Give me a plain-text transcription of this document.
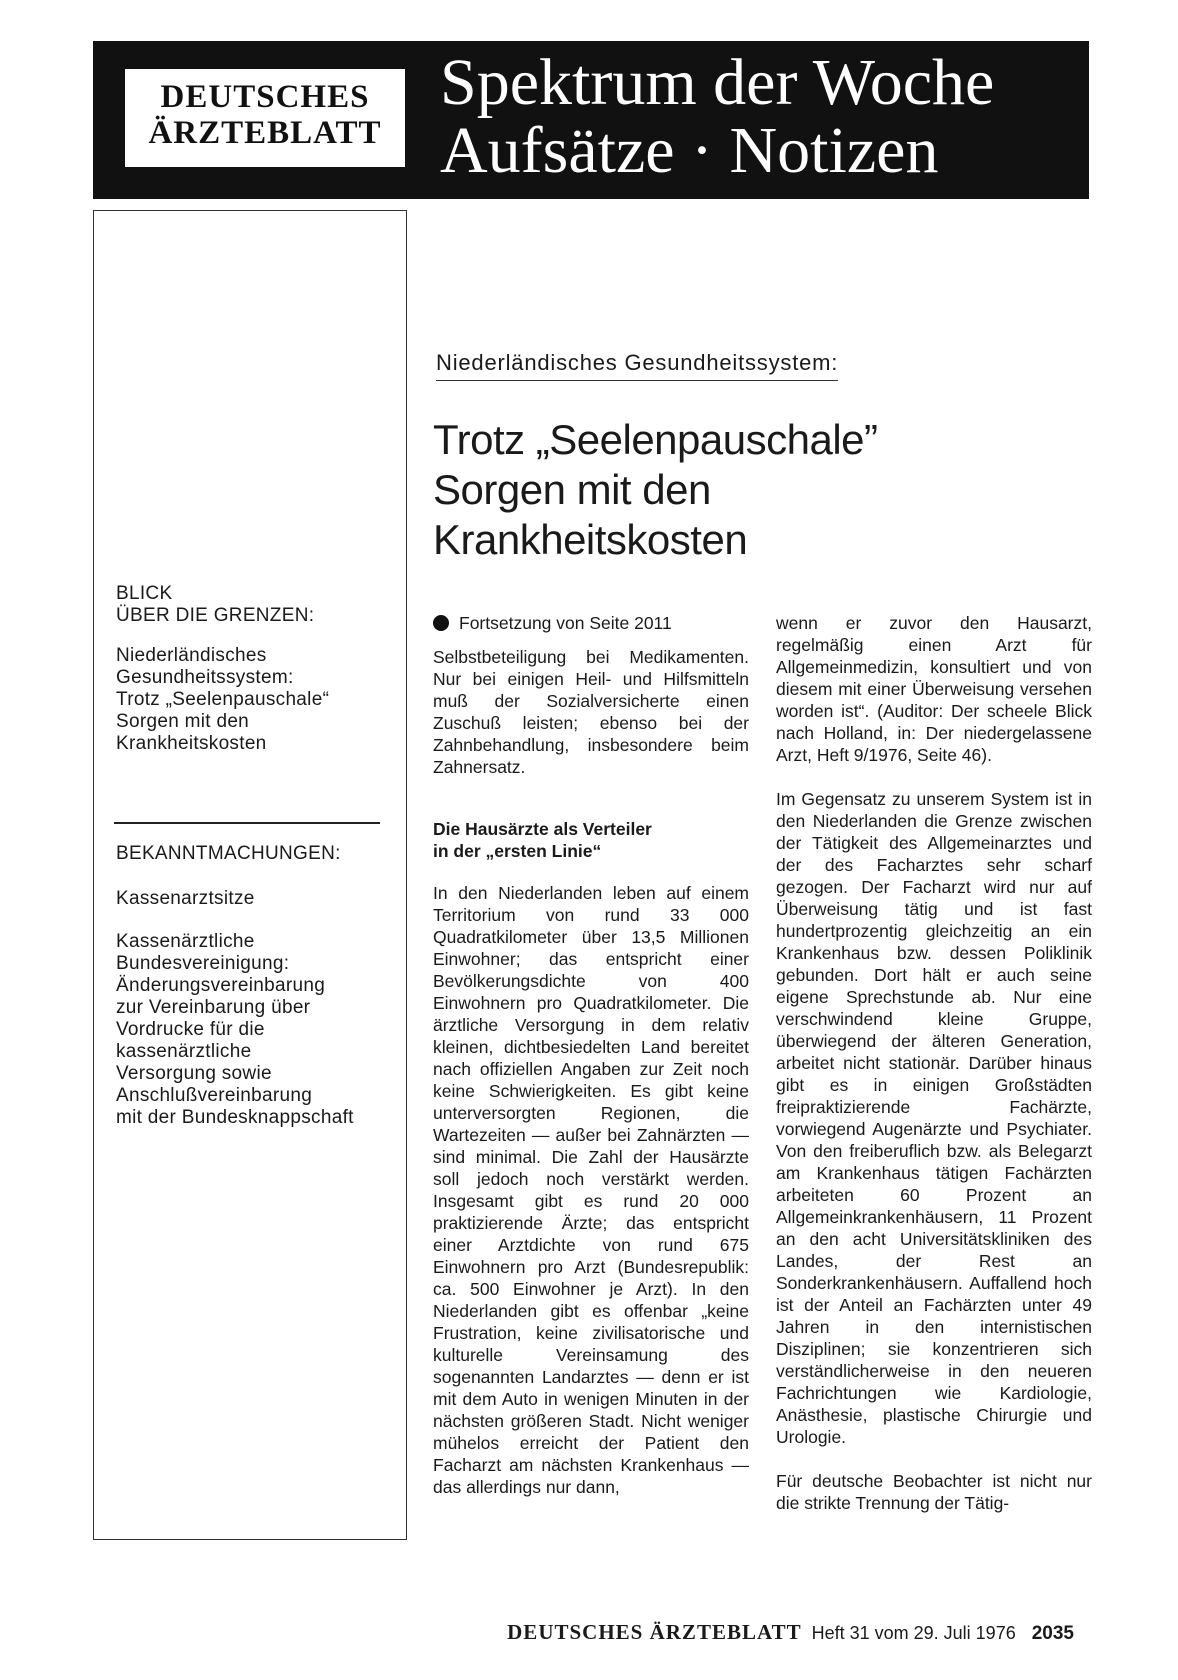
DEUTSCHES
ÄRZTEBLATT
Spektrum der Woche
Aufsätze · Notizen

BLICK

ÜBER DIE GRENZEN:

Niederländisches

Gesundheitssystem:

Trotz „Seelenpauschale“

Sorgen mit den

Krankheitskosten

BEKANNTMACHUNGEN:

Kassenarztsitze

Kassenärztliche

Bundesvereinigung:

Änderungsvereinbarung

zur Vereinbarung über

Vordrucke für die

kassenärztliche

Versorgung sowie

Anschlußvereinbarung

mit der Bundesknappschaft

Niederländisches Gesundheitssystem:
Trotz „Seelenpauschale”
Sorgen mit den
Krankheitskosten

Fortsetzung von Seite 2011

Selbstbeteiligung bei Medikamenten. Nur bei einigen Heil- und Hilfsmitteln muß der Sozialversicherte einen Zuschuß leisten; ebenso bei der Zahnbehandlung, insbesondere beim Zahnersatz.

Die Hausärzte als Verteiler
in der „ersten Linie“

In den Niederlanden leben auf einem Territorium von rund 33 000 Quadratkilometer über 13,5 Millionen Einwohner; das entspricht einer Bevölkerungsdichte von 400 Einwohnern pro Quadratkilometer. Die ärztliche Versorgung in dem relativ kleinen, dichtbesiedelten Land bereitet nach offiziellen Angaben zur Zeit noch keine Schwierigkeiten. Es gibt keine unterversorgten Regionen, die Wartezeiten — außer bei Zahnärzten — sind minimal. Die Zahl der Hausärzte soll jedoch noch verstärkt werden. Insgesamt gibt es rund 20 000 praktizierende Ärzte; das entspricht einer Arztdichte von rund 675 Einwohnern pro Arzt (Bundesrepublik: ca. 500 Einwohner je Arzt). In den Niederlanden gibt es offenbar „keine Frustration, keine zivilisatorische und kulturelle Vereinsamung des sogenannten Landarztes — denn er ist mit dem Auto in wenigen Minuten in der nächsten größeren Stadt. Nicht weniger mühelos erreicht der Patient den Facharzt am nächsten Krankenhaus — das allerdings nur dann,

wenn er zuvor den Hausarzt, regelmäßig einen Arzt für Allgemeinmedizin, konsultiert und von diesem mit einer Überweisung versehen worden ist“. (Auditor: Der scheele Blick nach Holland, in: Der niedergelassene Arzt, Heft 9/1976, Seite 46).

Im Gegensatz zu unserem System ist in den Niederlanden die Grenze zwischen der Tätigkeit des Allgemeinarztes und der des Facharztes sehr scharf gezogen. Der Facharzt wird nur auf Überweisung tätig und ist fast hundertprozentig gleichzeitig an ein Krankenhaus bzw. dessen Poliklinik gebunden. Dort hält er auch seine eigene Sprechstunde ab. Nur eine verschwindend kleine Gruppe, überwiegend der älteren Generation, arbeitet nicht stationär. Darüber hinaus gibt es in einigen Großstädten freipraktizierende Fachärzte, vorwiegend Augenärzte und Psychiater. Von den freiberuflich bzw. als Belegarzt am Krankenhaus tätigen Fachärzten arbeiteten 60 Prozent an Allgemeinkrankenhäusern, 11 Prozent an den acht Universitätskliniken des Landes, der Rest an Sonderkrankenhäusern. Auffallend hoch ist der Anteil an Fachärzten unter 49 Jahren in den internistischen Disziplinen; sie konzentrieren sich verständlicherweise in den neueren Fachrichtungen wie Kardiologie, Anästhesie, plastische Chirurgie und Urologie.

Für deutsche Beobachter ist nicht nur die strikte Trennung der Tätig-

DEUTSCHES ÄRZTEBLATT Heft 31 vom 29. Juli 1976 2035
